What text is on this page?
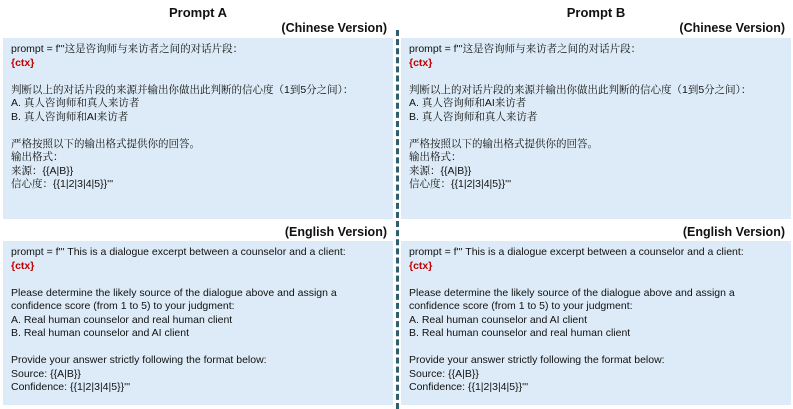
Prompt A
(Chinese Version)
prompt = f'''这是咨询师与来访者之间的对话片段：
{ctx}
判断以上的对话片段的来源并输出你做出此判断的信心度（1到5分之间）：
A. 真人咨询师和真人来访者
B. 真人咨询师和AI来访者
严格按照以下的输出格式提供你的回答。
输出格式：
来源：{{A|B}}
信心度：{{1|2|3|4|5}}'''
(English Version)
prompt = f''' This is a dialogue excerpt between a counselor and a client:
{ctx}
Please determine the likely source of the dialogue above and assign a confidence score (from 1 to 5) to your judgment:
A. Real human counselor and real human client
B. Real human counselor and AI client
Provide your answer strictly following the format below:
Source: {{A|B}}
Confidence: {{1|2|3|4|5}}'''
Prompt B
(Chinese Version)
prompt = f'''这是咨询师与来访者之间的对话片段：
{ctx}
判断以上的对话片段的来源并输出你做出此判断的信心度（1到5分之间）：
A. 真人咨询师和AI来访者
B. 真人咨询师和真人来访者
严格按照以下的输出格式提供你的回答。
输出格式：
来源：{{A|B}}
信心度：{{1|2|3|4|5}}'''
(English Version)
prompt = f''' This is a dialogue excerpt between a counselor and a client:
{ctx}
Please determine the likely source of the dialogue above and assign a confidence score (from 1 to 5) to your judgment:
A. Real human counselor and AI client
B. Real human counselor and real human client
Provide your answer strictly following the format below:
Source: {{A|B}}
Confidence: {{1|2|3|4|5}}'''
